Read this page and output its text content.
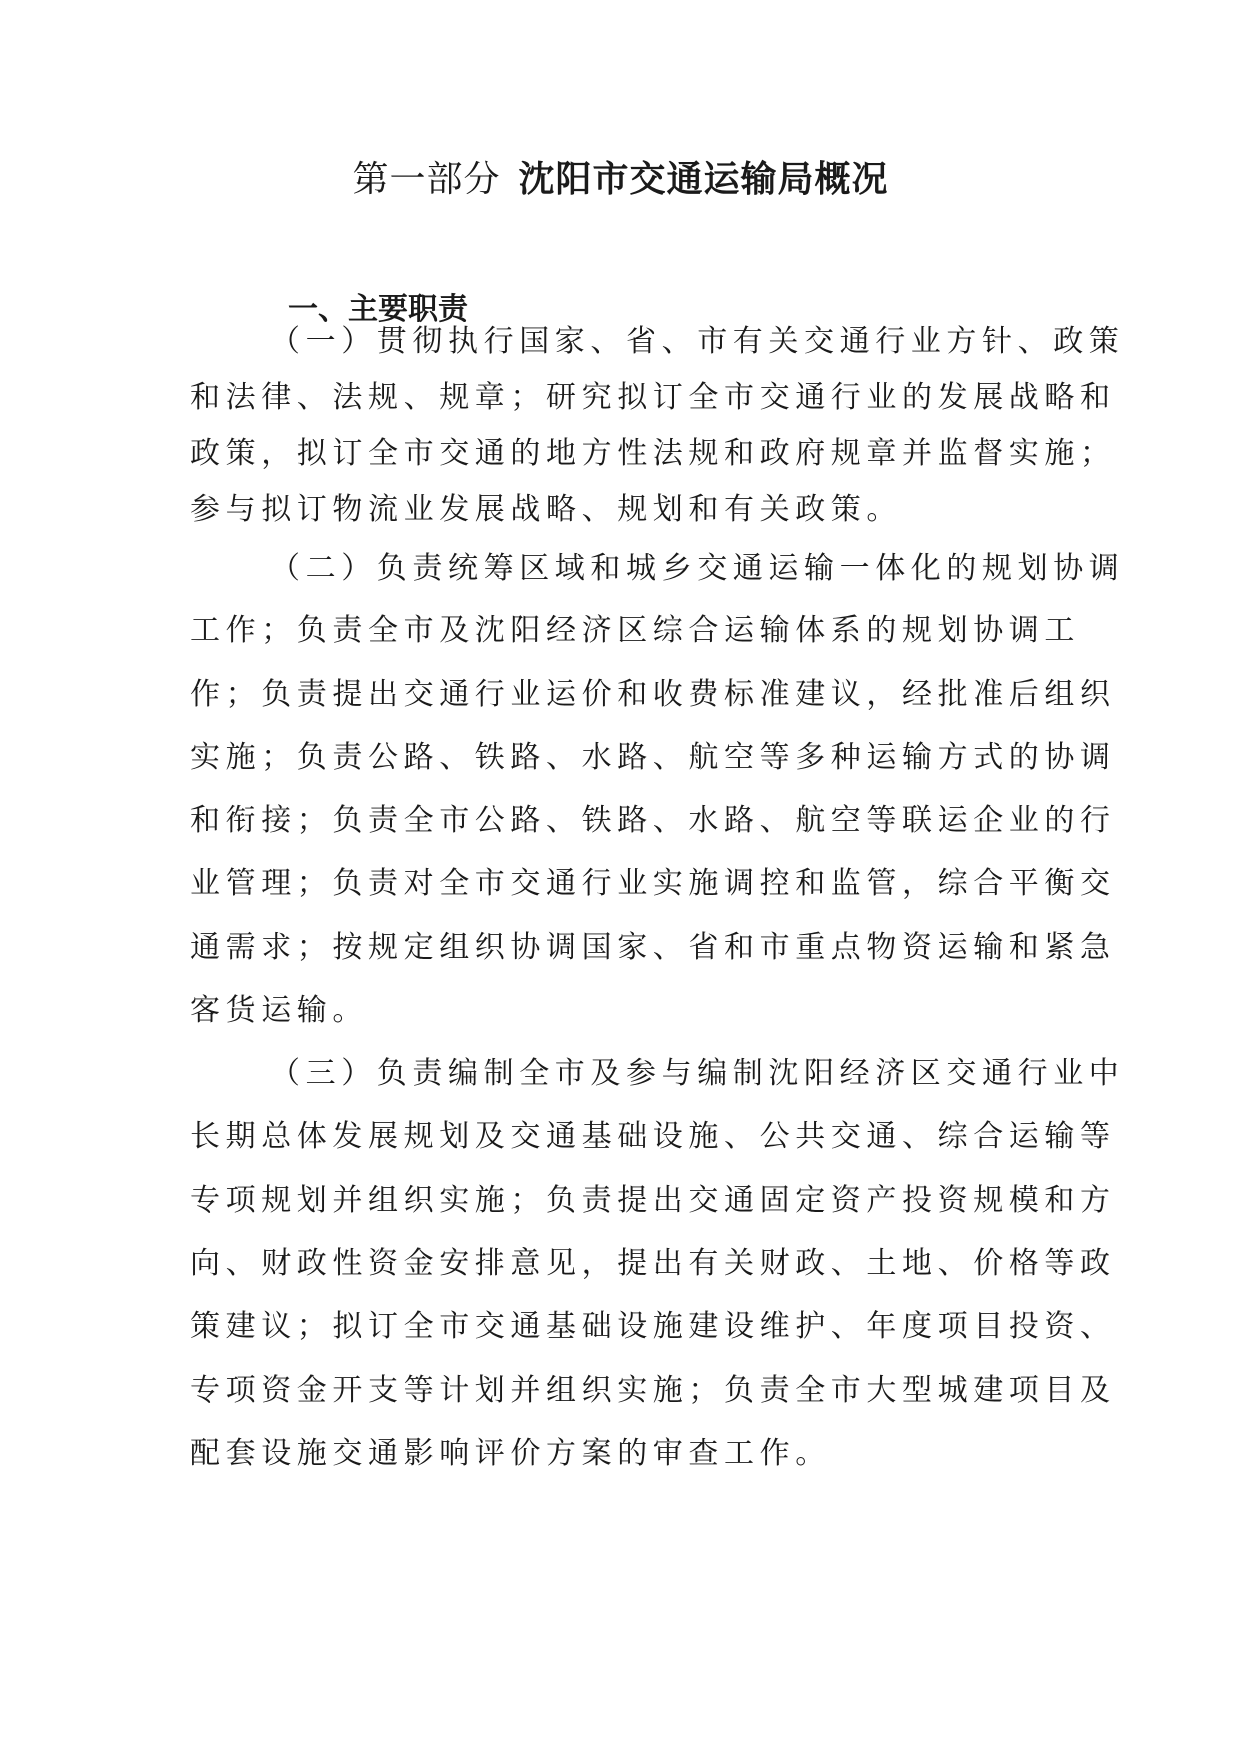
第一部分 沈阳市交通运输局概况
一、主要职责
（一）贯彻执行国家、省、市有关交通行业方针、政策
和法律、法规、规章；研究拟订全市交通行业的发展战略和
政策，拟订全市交通的地方性法规和政府规章并监督实施；
参与拟订物流业发展战略、规划和有关政策。
（二）负责统筹区域和城乡交通运输一体化的规划协调
工作；负责全市及沈阳经济区综合运输体系的规划协调工
作；负责提出交通行业运价和收费标准建议，经批准后组织
实施；负责公路、铁路、水路、航空等多种运输方式的协调
和衔接；负责全市公路、铁路、水路、航空等联运企业的行
业管理；负责对全市交通行业实施调控和监管，综合平衡交
通需求；按规定组织协调国家、省和市重点物资运输和紧急
客货运输。
（三）负责编制全市及参与编制沈阳经济区交通行业中
长期总体发展规划及交通基础设施、公共交通、综合运输等
专项规划并组织实施；负责提出交通固定资产投资规模和方
向、财政性资金安排意见，提出有关财政、土地、价格等政
策建议；拟订全市交通基础设施建设维护、年度项目投资、
专项资金开支等计划并组织实施；负责全市大型城建项目及
配套设施交通影响评价方案的审查工作。
